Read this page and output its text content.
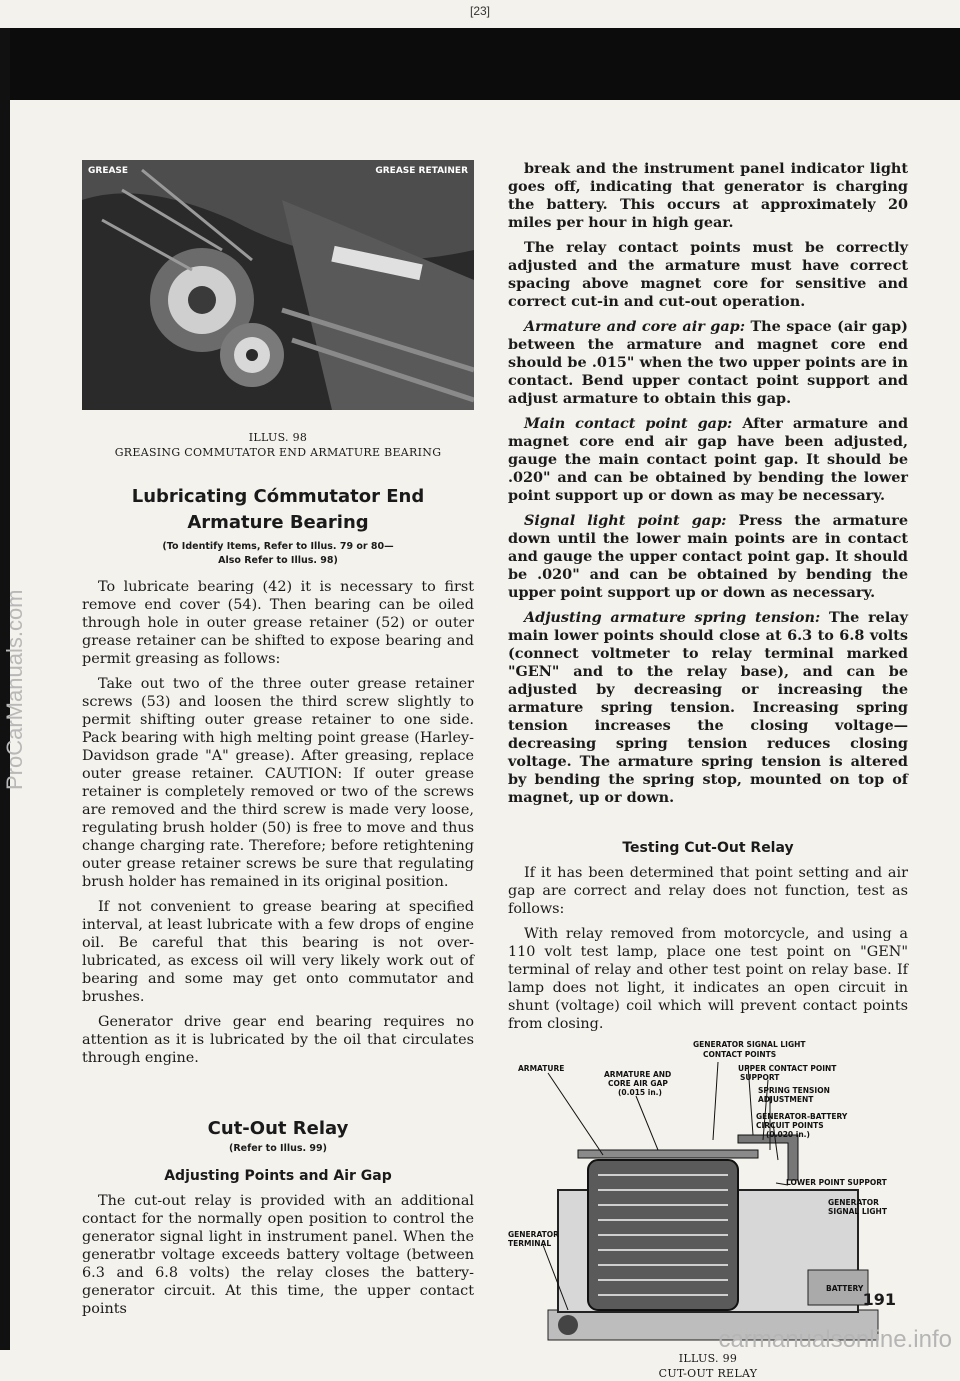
[23]
ProCarManuals.com
GREASE	GREASE RETAINER
ILLUS. 98
GREASING COMMUTATOR END ARMATURE BEARING
Lubricating Cómmutator End
Armature Bearing
(To Identify Items, Refer to Illus. 79 or 80—
Also Refer to Illus. 98)

To lubricate bearing (42) it is necessary to first remove end cover (54). Then bearing can be oiled through hole in outer grease retainer (52) or outer grease retainer can be shifted to expose bearing and permit greasing as follows:

Take out two of the three outer grease retainer screws (53) and loosen the third screw slightly to permit shifting outer grease retainer to one side. Pack bearing with high melting point grease (Harley-Davidson grade "A" grease). After greasing, replace outer grease retainer. CAUTION: If outer grease retainer is completely removed or two of the screws are removed and the third screw is made very loose, regulating brush holder (50) is free to move and thus change charging rate. Therefore; before retightening outer grease retainer screws be sure that regulating brush holder has remained in its original position.

If not convenient to grease bearing at specified interval, at least lubricate with a few drops of engine oil. Be careful that this bearing is not over-lubricated, as excess oil will very likely work out of bearing and some may get onto commutator and brushes.

Generator drive gear end bearing requires no attention as it is lubricated by the oil that circulates through engine.

Cut-Out Relay
(Refer to Illus. 99)
Adjusting Points and Air Gap

The cut-out relay is provided with an additional contact for the normally open position to control the generator signal light in instrument panel. When the generatbr voltage exceeds battery voltage (between 6.3 and 6.8 volts) the relay closes the battery-generator circuit. At this time, the upper contact points

break and the instrument panel indicator light goes off, indicating that generator is charging the battery. This occurs at approximately 20 miles per hour in high gear.

The relay contact points must be correctly adjusted and the armature must have correct spacing above magnet core for sensitive and correct cut-in and cut-out operation.

Armature and core air gap: The space (air gap) between the armature and magnet core end should be .015" when the two upper points are in contact. Bend upper contact point support and adjust armature to obtain this gap.

Main contact point gap: After armature and magnet core end air gap have been adjusted, gauge the main contact point gap. It should be .020" and can be obtained by bending the lower point support up or down as may be necessary.

Signal light point gap: Press the armature down until the lower main points are in contact and gauge the upper contact point gap. It should be .020" and can be obtained by bending the upper point support up or down as necessary.

Adjusting armature spring tension: The relay main lower points should close at 6.3 to 6.8 volts (connect voltmeter to relay terminal marked "GEN" and to the relay base), and can be adjusted by decreasing or increasing the armature spring tension. Increasing spring tension increases the closing voltage—decreasing spring tension reduces closing voltage. The armature spring tension is altered by bending the spring stop, mounted on top of magnet, up or down.

Testing Cut-Out Relay

If it has been determined that point setting and air gap are correct and relay does not function, test as follows:

With relay removed from motorcycle, and using a 110 volt test lamp, place one test point on "GEN" terminal of relay and other test point on relay base. If lamp does not light, it indicates an open circuit in shunt (voltage) coil which will prevent contact points from closing.

GENERATOR SIGNAL LIGHT
CONTACT POINTS
ARMATURE
ARMATURE AND
CORE AIR GAP
(0.015 in.)
UPPER CONTACT POINT
SUPPORT
SPRING TENSION
ADJUSTMENT
GENERATOR-BATTERY
CIRCUIT POINTS
(0.020 in.)
LOWER POINT SUPPORT
GENERATOR
SIGNAL LIGHT
GENERATOR
TERMINAL
BATTERY
ILLUS. 99
CUT-OUT RELAY
191
carmanualsonline.info
